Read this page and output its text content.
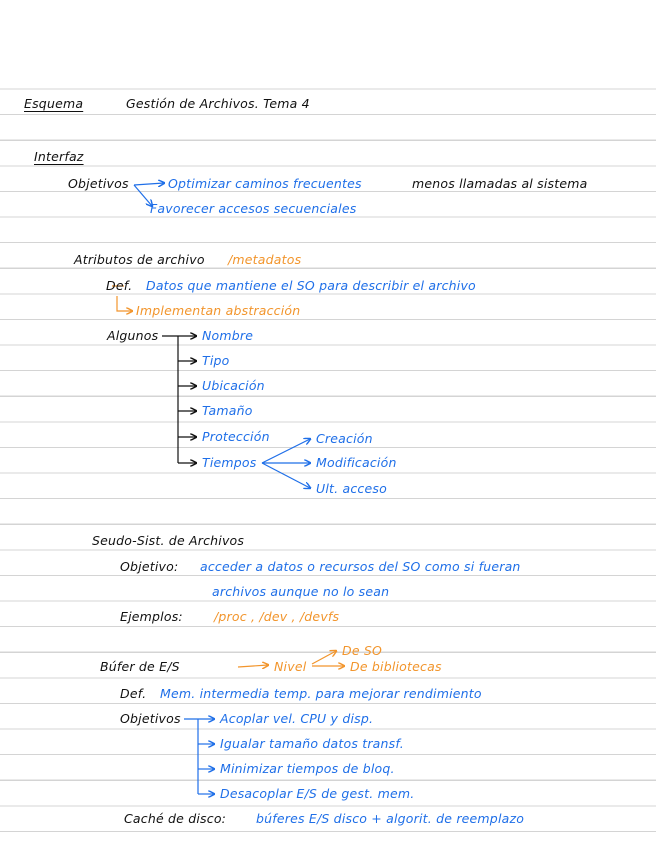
Esquema	Gestión de Archivos. Tema 4
Interfaz
Objetivos	Optimizar caminos frecuentes	menos llamadas al sistema
Favorecer accesos secuenciales
Atributos de archivo /metadatos
Def. Datos que mantiene el SO para describir el archivo
Implementan abstracción
Algunos	Nombre
Tipo
Ubicación
Tamaño
Protección
Tiempos
Creación
Modificación
Ult. acceso
Seudo-Sist. de Archivos
Objetivo: acceder a datos o recursos del SO como si fueran
archivos aunque no lo sean
Ejemplos: /proc , /dev , /devfs
Búfer de E/S	Nivel
De SO
De bibliotecas
Def. Mem. intermedia temp. para mejorar rendimiento
Objetivos	Acoplar vel. CPU y disp.
Igualar tamaño datos transf.
Minimizar tiempos de bloq.
Desacoplar E/S de gest. mem.
Caché de disco: búferes E/S disco + algorit. de reemplazo
